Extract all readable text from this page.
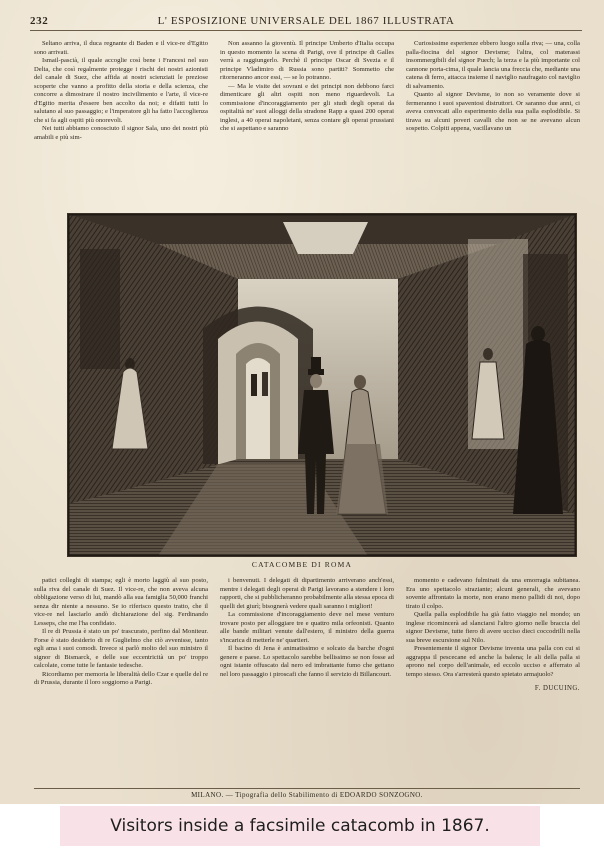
232	L' ESPOSIZIONE UNIVERSALE DEL 1867 ILLUSTRATA

Seltano arriva, il duca regnante di Baden e il vice-re d'Egitto sono arrivati.

Ismail-pascià, il quale accoglie così bene i Francesi nel suo Delta, che così regalmente protegge i rischi dei nostri azionisti del canale di Suez, che affida ai nostri scienziati le preziose scoperte che vanno a profitto della storia e della scienza, che concorre a dimostrare il nostro incivilimento e l'arte, il vice-re d'Egitto merita d'essere ben accolto da noi; e difatti tutti lo salutano al suo passaggio; e l'imperatore gli ha fatto l'accoglienza che si fa agli ospiti più onorevoli.

Nei tutti abbiamo conosciuto il signor Sala, uno dei nostri più amabili e più sim-

Non assanno la gioventù. Il principe Umberto d'Italia occupa in questo momento la scena di Parigi, ove il principe di Galles verrà a raggiungerlo. Perchè il principe Oscar di Svezia e il principe Vladimiro di Russia sono partiti? Sommetto che ritorneranno ancor essi, — se lo potranno.

— Ma le visite dei sovrani e dei principi non debbono farci dimenticare gli altri ospiti non meno riguardevoli. La commissione d'incoraggiamento per gli studi degli operai da ospitalità ne' suoi alloggi della stradone Rapp a quasi 200 operai inglesi, a 40 operai napoletani, senza contare gli operai prussiani che si aspettano e saranno

Curiosissime esperienze ebbero luogo sulla riva; — una, colla palla-fiocina del signor Devisme; l'altra, col materassi insommergibili del signor Puech; la terza e la più importante col cannone porta-cima, il quale lancia una freccia che, mediante una catena di ferro, attacca insieme il naviglio naufragato col naviglio di salvamento.

Quanto al signor Devisme, io non so veramente dove si fermeranno i suoi spaventosi distruttori. Or saranno due anni, ci aveva convocati allo esperimento della sua palla esplodibile. Si tirava su alcuni poveri cavalli che non se ne avevano alcun sospetto. Colpiti appena, vacillavano un

CATACOMBE DI ROMA

patici colleghi di stampa; egli è morto laggiù al suo posto, sulla riva del canale di Suez. Il vice-re, che non aveva alcuna obbligazione verso di lui, mandò alla sua famiglia 50,000 franchi senza dir niente a nessuno. Se io riferisco questo tratto, che il vice-re nel lasciarlo andò dichiarazione del sig. Ferdinando Lesseps, che me l'ha confidato.

Il re di Prussia è stato un po' trascurato, perfino dal Moniteur. Forse è stato desiderio di re Guglielmo che ciò avvenisse, tanto egli ama i suoi comodi. Invece si parlò molto del suo ministro il signor di Bismarck, e delle sue eccentricità un po' troppo calcolate, come tutte le fantasie tedesche.

Ricordiamo per memoria le liberalità dello Czar e quelle del re di Prussia, durante il loro soggiorno a Parigi.

i benvenuti. I delegati di dipartimento arriverano anch'essi, mentre i delegati degli operai di Parigi lavorano a stendere i loro rapporti, che si pubblicheranno probabilmente alla stessa epoca di quelli dei giurì; bisognerà vedere quali saranno i migliori!

La commissione d'incoraggiamento deve nel mese venturo trovare posto per alloggiare tre e quattro mila orfeonisti. Quanto alle bande militari venute dall'estero, il ministro della guerra s'incarica di metterle ne' quartieri.

Il bacino di Jena è animatissimo e solcato da barche d'ogni genere e paese. Lo spettacolo sarebbe bellissimo se non fosse ad ogni istante offuscato dal nero ed imbrattante fumo che gettano nel loro passaggio i piroscafi che fanno il servizio di Billancourt.

momento e cadevano fulminati da una emorragia subitanea. Era uno spettacolo straziante; alcuni generali, che avevano sovente affrontato la morte, non erano meno pallidi di noi, dopo tirato il colpo.

Quella palla esplodibile ha già fatto viaggio nel mondo; un inglese ricomincerà ad slanciarsi l'altro giorno nelle braccia del signor Devisme, tutte fiero di avere ucciso dieci coccodrilli nella sua breve escursione sul Nilo.

Presentemente il signor Devisme inventa una palla con cui si aggrappa il pescecane ed anche la balena; le ali della palla si aprono nel corpo dell'animale, ed eccolo ucciso e afferrato al tempo stesso. Ora s'arresterà questo spietato armajuolo?

F. DUCUING.

MILANO. — Tipografia dello Stabilimento di EDOARDO SONZOGNO.
Visitors inside a facsimile catacomb in 1867.
